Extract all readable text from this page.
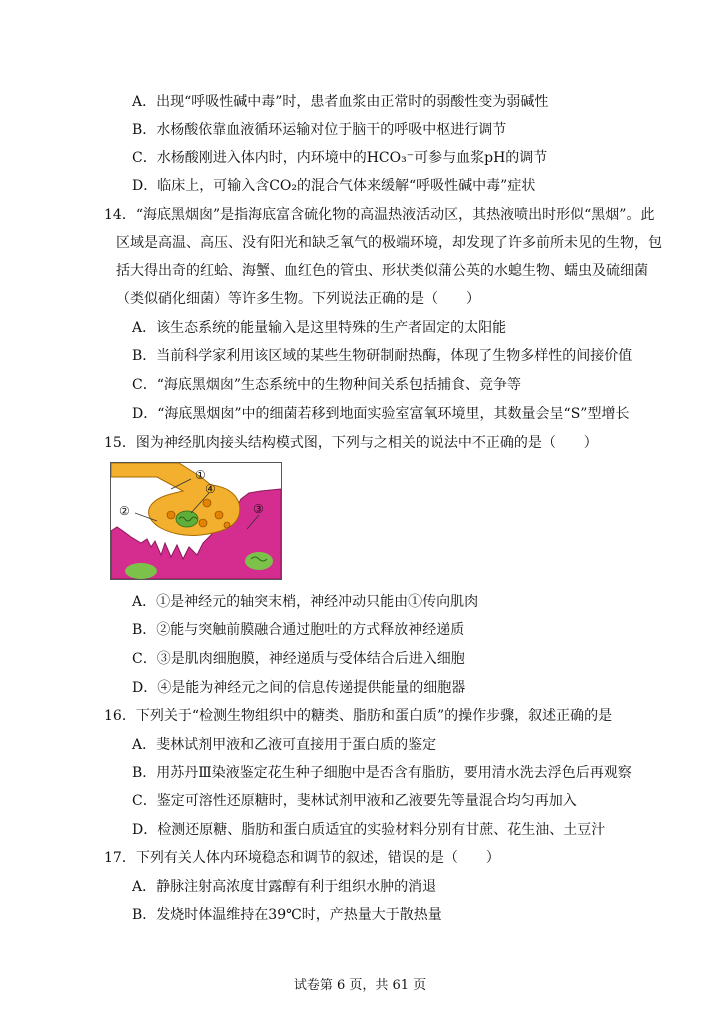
A．出现“呼吸性碱中毒”时，患者血浆由正常时的弱酸性变为弱碱性
B．水杨酸依靠血液循环运输对位于脑干的呼吸中枢进行调节
C．水杨酸刚进入体内时，内环境中的HCO₃⁻可参与血浆pH的调节
D．临床上，可输入含CO₂的混合气体来缓解“呼吸性碱中毒”症状
14．“海底黑烟囱”是指海底富含硫化物的高温热液活动区，其热液喷出时形似“黑烟”。此
区域是高温、高压、没有阳光和缺乏氧气的极端环境，却发现了许多前所未见的生物，包
括大得出奇的红蛤、海蟹、血红色的管虫、形状类似蒲公英的水螅生物、蠕虫及硫细菌
（类似硝化细菌）等许多生物。下列说法正确的是（　　）
A．该生态系统的能量输入是这里特殊的生产者固定的太阳能
B．当前科学家利用该区域的某些生物研制耐热酶，体现了生物多样性的间接价值
C．“海底黑烟囱”生态系统中的生物种间关系包括捕食、竞争等
D．“海底黑烟囱”中的细菌若移到地面实验室富氧环境里，其数量会呈“S”型增长
15．图为神经肌肉接头结构模式图，下列与之相关的说法中不正确的是（　　）
①
④
②	③
A．①是神经元的轴突末梢，神经冲动只能由①传向肌肉
B．②能与突触前膜融合通过胞吐的方式释放神经递质
C．③是肌肉细胞膜，神经递质与受体结合后进入细胞
D．④是能为神经元之间的信息传递提供能量的细胞器
16．下列关于“检测生物组织中的糖类、脂肪和蛋白质”的操作步骤，叙述正确的是
A．斐林试剂甲液和乙液可直接用于蛋白质的鉴定
B．用苏丹Ⅲ染液鉴定花生种子细胞中是否含有脂肪，要用清水洗去浮色后再观察
C．鉴定可溶性还原糖时，斐林试剂甲液和乙液要先等量混合均匀再加入
D．检测还原糖、脂肪和蛋白质适宜的实验材料分别有甘蔗、花生油、土豆汁
17．下列有关人体内环境稳态和调节的叙述，错误的是（　　）
A．静脉注射高浓度甘露醇有利于组织水肿的消退
B．发烧时体温维持在39℃时，产热量大于散热量
试卷第 6 页，共 61 页
